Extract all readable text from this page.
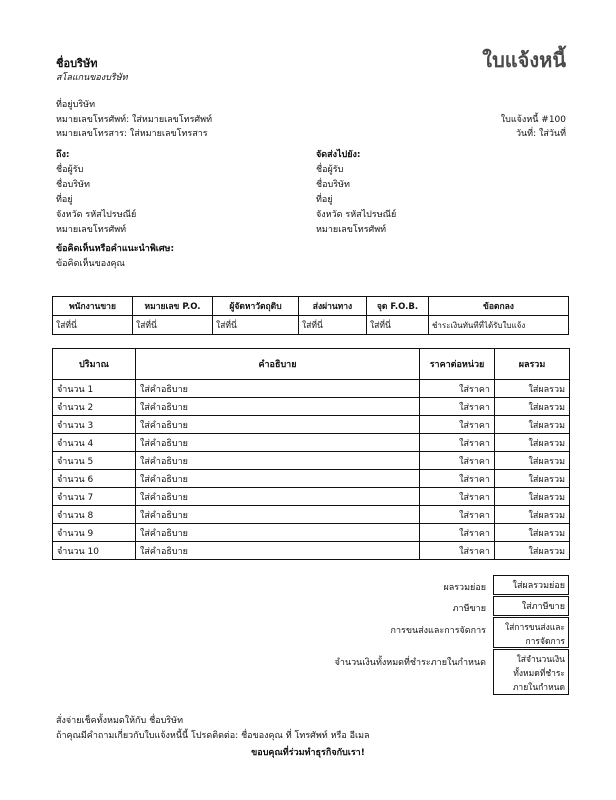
ชื่อบริษัท
สโลแกนของบริษัท
ใบแจ้งหนี้
ที่อยู่บริษัท
หมายเลขโทรศัพท์: ใส่หมายเลขโทรศัพท์
หมายเลขโทรสาร: ใส่หมายเลขโทรสาร
ใบแจ้งหนี้ #100
วันที่: ใส่วันที่
ถึง:
ชื่อผู้รับ
ชื่อบริษัท
ที่อยู่
จังหวัด รหัสไปรษณีย์
หมายเลขโทรศัพท์
จัดส่งไปยัง:
ชื่อผู้รับ
ชื่อบริษัท
ที่อยู่
จังหวัด รหัสไปรษณีย์
หมายเลขโทรศัพท์
ข้อคิดเห็นหรือคำแนะนำพิเศษ:
ข้อคิดเห็นของคุณ
พนักงานขาย	หมายเลข P.O.	ผู้จัดหาวัตถุดิบ	ส่งผ่านทาง	จุด F.O.B.	ข้อตกลง
ใส่ที่นี่	ใส่ที่นี่	ใส่ที่นี่	ใส่ที่นี่	ใส่ที่นี่	ชำระเงินทันทีที่ได้รับใบแจ้ง
ปริมาณ	คำอธิบาย	ราคาต่อหน่วย	ผลรวม
จำนวน 1	ใส่คำอธิบาย	ใส่ราคา	ใส่ผลรวม
จำนวน 2	ใส่คำอธิบาย	ใส่ราคา	ใส่ผลรวม
จำนวน 3	ใส่คำอธิบาย	ใส่ราคา	ใส่ผลรวม
จำนวน 4	ใส่คำอธิบาย	ใส่ราคา	ใส่ผลรวม
จำนวน 5	ใส่คำอธิบาย	ใส่ราคา	ใส่ผลรวม
จำนวน 6	ใส่คำอธิบาย	ใส่ราคา	ใส่ผลรวม
จำนวน 7	ใส่คำอธิบาย	ใส่ราคา	ใส่ผลรวม
จำนวน 8	ใส่คำอธิบาย	ใส่ราคา	ใส่ผลรวม
จำนวน 9	ใส่คำอธิบาย	ใส่ราคา	ใส่ผลรวม
จำนวน 10	ใส่คำอธิบาย	ใส่ราคา	ใส่ผลรวม
ผลรวมย่อย	ใส่ผลรวมย่อย
ภาษีขาย	ใส่ภาษีขาย
การขนส่งและการจัดการ	ใส่การขนส่งและการจัดการ
จำนวนเงินทั้งหมดที่ชำระภายในกำหนด	ใส่จำนวนเงินทั้งหมดที่ชำระภายในกำหนด
สั่งจ่ายเช็คทั้งหมดให้กับ ชื่อบริษัท
ถ้าคุณมีคำถามเกี่ยวกับใบแจ้งหนี้นี้ โปรดติดต่อ: ชื่อของคุณ ที่ โทรศัพท์ หรือ อีเมล
ขอบคุณที่ร่วมทำธุรกิจกับเรา!
